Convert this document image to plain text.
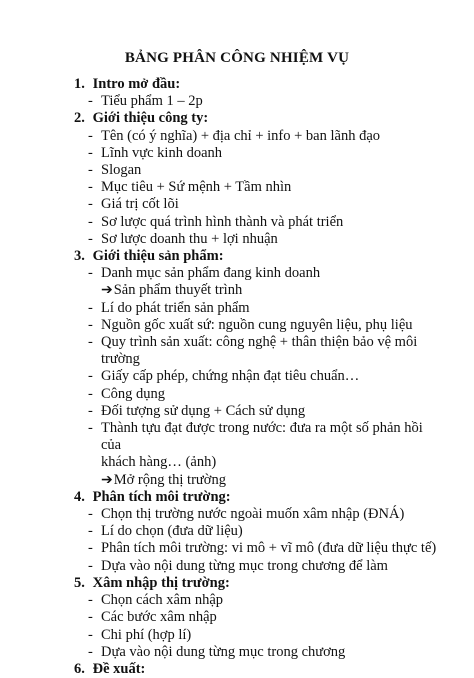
BẢNG PHÂN CÔNG NHIỆM VỤ
1. Intro mở đầu:
- Tiểu phẩm 1 – 2p
2. Giới thiệu công ty:
- Tên (có ý nghĩa) + địa chỉ + info + ban lãnh đạo
- Lĩnh vực kinh doanh
- Slogan
- Mục tiêu + Sứ mệnh + Tầm nhìn
- Giá trị cốt lõi
- Sơ lược quá trình hình thành và phát triển
- Sơ lược doanh thu + lợi nhuận
3. Giới thiệu sản phẩm:
- Danh mục sản phẩm đang kinh doanh
➔Sản phẩm thuyết trình
- Lí do phát triển sản phẩm
- Nguồn gốc xuất sứ: nguồn cung nguyên liệu, phụ liệu
- Quy trình sản xuất: công nghệ + thân thiện bảo vệ môi trường
- Giấy cấp phép, chứng nhận đạt tiêu chuẩn…
- Công dụng
- Đối tượng sử dụng + Cách sử dụng
- Thành tựu đạt được trong nước: đưa ra một số phản hồi của
khách hàng… (ảnh)
➔Mở rộng thị trường
4. Phân tích môi trường:
- Chọn thị trường nước ngoài muốn xâm nhập (ĐNÁ)
- Lí do chọn (đưa dữ liệu)
- Phân tích môi trường: vi mô + vĩ mô (đưa dữ liệu thực tế)
- Dựa vào nội dung từng mục trong chương để làm
5. Xâm nhập thị trường:
- Chọn cách xâm nhập
- Các bước xâm nhập
- Chi phí (hợp lí)
- Dựa vào nội dung từng mục trong chương
6. Đề xuất:
